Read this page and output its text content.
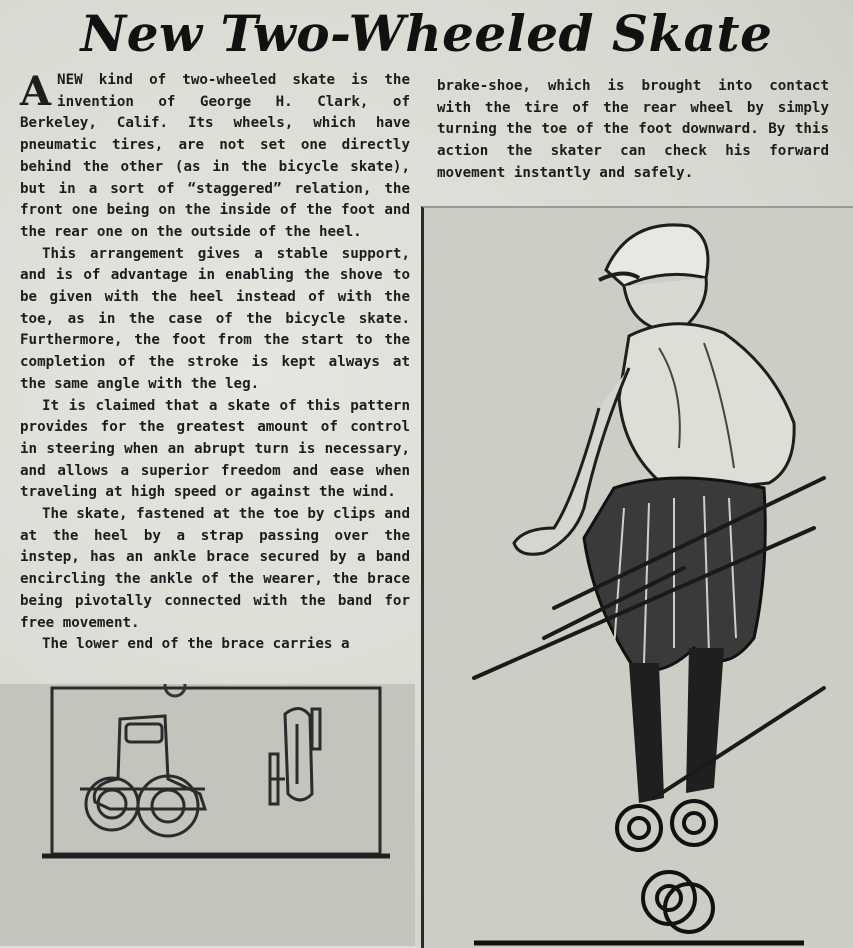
New Two-Wheeled Skate

ANEW kind of two-wheeled skate is the invention of George H. Clark, of Berkeley, Calif. Its wheels, which have pneumatic tires, are not set one directly behind the other (as in the bicycle skate), but in a sort of “staggered” relation, the front one being on the inside of the foot and the rear one on the outside of the heel.

This arrangement gives a stable support, and is of advantage in enabling the shove to be given with the heel instead of with the toe, as in the case of the bicycle skate. Furthermore, the foot from the start to the completion of the stroke is kept always at the same angle with the leg.

It is claimed that a skate of this pattern provides for the greatest amount of control in steering when an abrupt turn is necessary, and allows a superior freedom and ease when traveling at high speed or against the wind.

The skate, fastened at the toe by clips and at the heel by a strap passing over the instep, has an ankle brace secured by a band encircling the ankle of the wearer, the brace being pivotally connected with the band for free movement.

The lower end of the brace carries a

brake-shoe, which is brought into contact with the tire of the rear wheel by simply turning the toe of the foot downward. By this action the skater can check his forward movement instantly and safely.
